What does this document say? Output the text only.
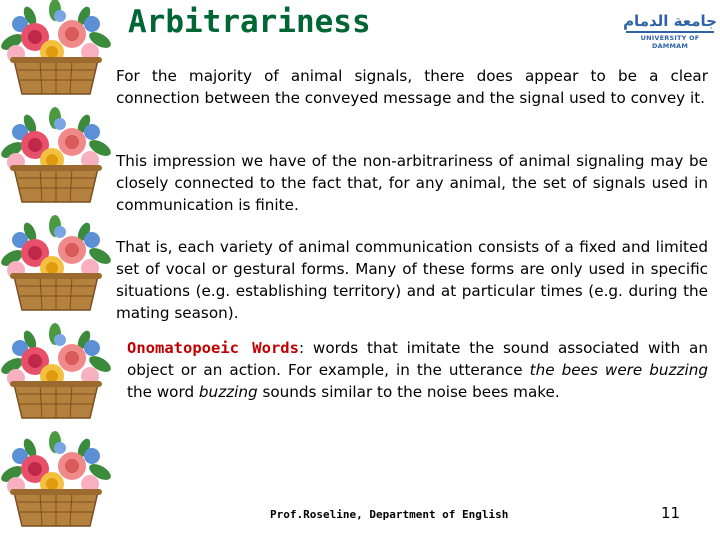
Arbitrariness	جامعة الدمام
UNIVERSITY OF DAMMAM

For the majority of animal signals, there does appear to be a clear connection between the conveyed message and the signal used to convey it.

This impression we have of the non-arbitrariness of animal signaling may be closely connected to the fact that, for any animal, the set of signals used in communication is finite.

That is, each variety of animal communication consists of a fixed and limited set of vocal or gestural forms. Many of these forms are only used in specific situations (e.g. establishing territory) and at particular times (e.g. during the mating season).

Onomatopoeic Words: words that imitate the sound associated with an object or an action. For example, in the utterance the bees were buzzing the word buzzing sounds similar to the noise bees make.

Prof.Roseline, Department of English	11
